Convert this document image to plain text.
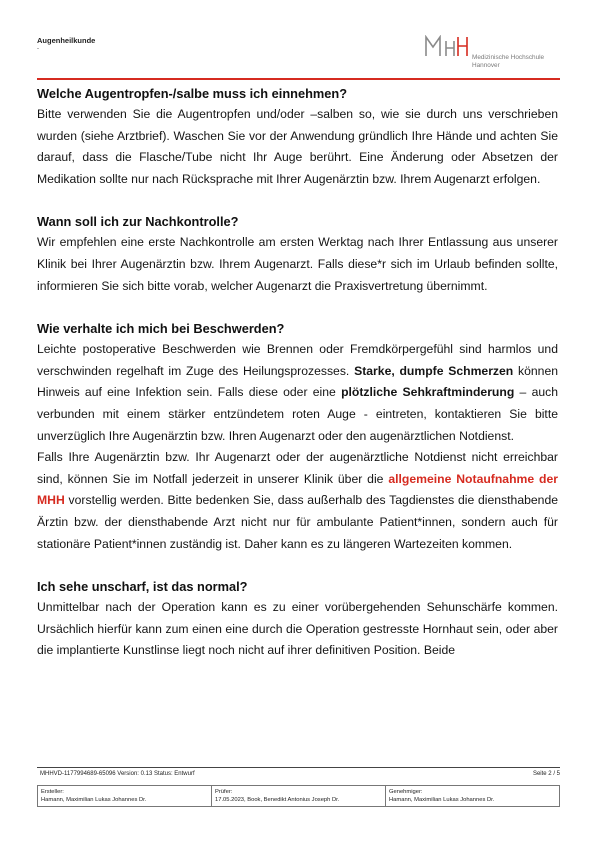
Augenheilkunde
-
Medizinische Hochschule
Hannover
Welche Augentropfen-/salbe muss ich einnehmen?

Bitte verwenden Sie die Augentropfen und/oder –salben so, wie sie durch uns verschrieben wurden (siehe Arztbrief). Waschen Sie vor der Anwendung gründlich Ihre Hände und achten Sie darauf, dass die Flasche/Tube nicht Ihr Auge berührt. Eine Änderung oder Absetzen der Medikation sollte nur nach Rücksprache mit Ihrer Augenärztin bzw. Ihrem Augenarzt erfolgen.

Wann soll ich zur Nachkontrolle?

Wir empfehlen eine erste Nachkontrolle am ersten Werktag nach Ihrer Entlassung aus unserer Klinik bei Ihrer Augenärztin bzw. Ihrem Augenarzt. Falls diese*r sich im Urlaub befinden sollte, informieren Sie sich bitte vorab, welcher Augenarzt die Praxisvertretung übernimmt.

Wie verhalte ich mich bei Beschwerden?

Leichte postoperative Beschwerden wie Brennen oder Fremdkörpergefühl sind harmlos und verschwinden regelhaft im Zuge des Heilungsprozesses. Starke, dumpfe Schmerzen können Hinweis auf eine Infektion sein. Falls diese oder eine plötzliche Sehkraftminderung – auch verbunden mit einem stärker entzündetem roten Auge - eintreten, kontaktieren Sie bitte unverzüglich Ihre Augenärztin bzw. Ihren Augenarzt oder den augenärztlichen Notdienst.

Falls Ihre Augenärztin bzw. Ihr Augenarzt oder der augenärztliche Notdienst nicht erreichbar sind, können Sie im Notfall jederzeit in unserer Klinik über die allgemeine Notaufnahme der MHH vorstellig werden. Bitte bedenken Sie, dass außerhalb des Tagdienstes die diensthabende Ärztin bzw. der diensthabende Arzt nicht nur für ambulante Patient*innen, sondern auch für stationäre Patient*innen zuständig ist. Daher kann es zu längeren Wartezeiten kommen.

Ich sehe unscharf, ist das normal?

Unmittelbar nach der Operation kann es zu einer vorübergehenden Sehunschärfe kommen. Ursächlich hierfür kann zum einen eine durch die Operation gestresste Hornhaut sein, oder aber die implantierte Kunstlinse liegt noch nicht auf ihrer definitiven Position. Beide

MHHVD-1177994689-65096 Version: 0.13 Status: Entwurf	Seite 2 / 5
Ersteller:
Hamann, Maximilian Lukas Johannes Dr.
Prüfer:
17.05.2023, Book, Benedikt Antonius Joseph Dr.
Genehmiger:
Hamann, Maximilian Lukas Johannes Dr.
